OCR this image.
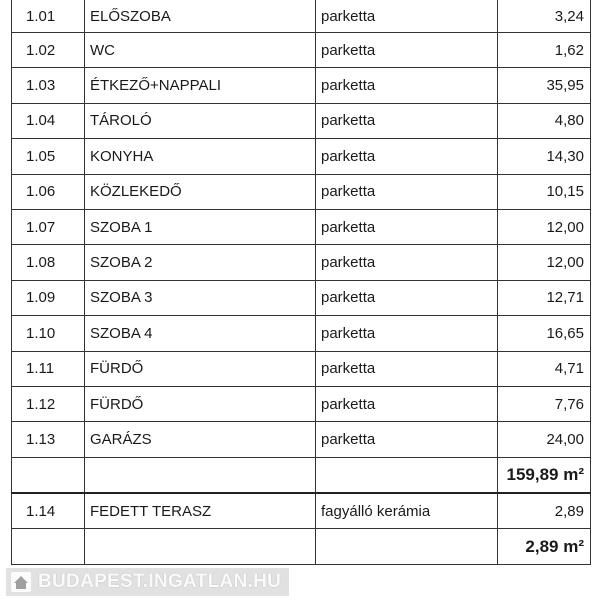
1.01	ELŐSZOBA	parketta	3,24
1.02	WC	parketta	1,62
1.03	ÉTKEZŐ+NAPPALI	parketta	35,95
1.04	TÁROLÓ	parketta	4,80
1.05	KONYHA	parketta	14,30
1.06	KÖZLEKEDŐ	parketta	10,15
1.07	SZOBA 1	parketta	12,00
1.08	SZOBA 2	parketta	12,00
1.09	SZOBA 3	parketta	12,71
1.10	SZOBA 4	parketta	16,65
1.11	FÜRDŐ	parketta	4,71
1.12	FÜRDŐ	parketta	7,76
1.13	GARÁZS	parketta	24,00
			159,89 m²
1.14	FEDETT TERASZ	fagyálló kerámia	2,89
			2,89 m²
BUDAPEST.INGATLAN.HU
